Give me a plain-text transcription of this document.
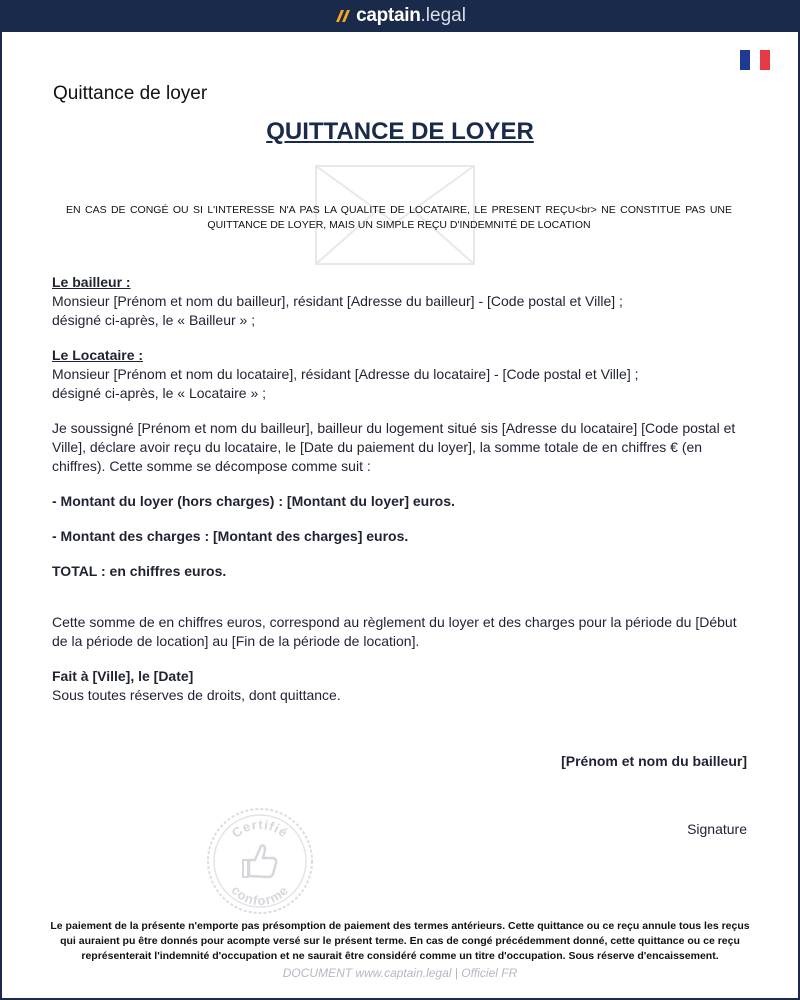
captain .legal
Quittance de loyer
QUITTANCE DE LOYER
EN CAS DE CONGÉ OU SI L'INTERESSE N'A PAS LA QUALITE DE LOCATAIRE, LE PRESENT REÇU<br> NE CONSTITUE PAS UNE QUITTANCE DE LOYER, MAIS UN SIMPLE REÇU D'INDEMNITÉ DE LOCATION
Le bailleur :
Monsieur [Prénom et nom du bailleur], résidant [Adresse du bailleur] - [Code postal et Ville] ;
désigné ci-après, le « Bailleur » ;
Le Locataire :
Monsieur [Prénom et nom du locataire], résidant [Adresse du locataire] - [Code postal et Ville] ;
désigné ci-après, le « Locataire » ;
Je soussigné [Prénom et nom du bailleur], bailleur du logement situé sis [Adresse du locataire] [Code postal et Ville], déclare avoir reçu du locataire, le [Date du paiement du loyer], la somme totale de en chiffres € (en chiffres). Cette somme se décompose comme suit :
- Montant du loyer (hors charges) : [Montant du loyer] euros.
- Montant des charges : [Montant des charges] euros.
TOTAL : en chiffres euros.
Cette somme de en chiffres euros, correspond au règlement du loyer et des charges pour la période du [Début de la période de location] au [Fin de la période de location].
Fait à [Ville], le [Date]
Sous toutes réserves de droits, dont quittance.
[Prénom et nom du bailleur]
Signature
Certifié
conforme
Le paiement de la présente n'emporte pas présomption de paiement des termes antérieurs. Cette quittance ou ce reçu annule tous les reçus qui auraient pu être donnés pour acompte versé sur le présent terme. En cas de congé précédemment donné, cette quittance ou ce reçu représenterait l'indemnité d'occupation et ne saurait être considéré comme un titre d'occupation. Sous réserve d'encaissement.
DOCUMENT www.captain.legal | Officiel FR
